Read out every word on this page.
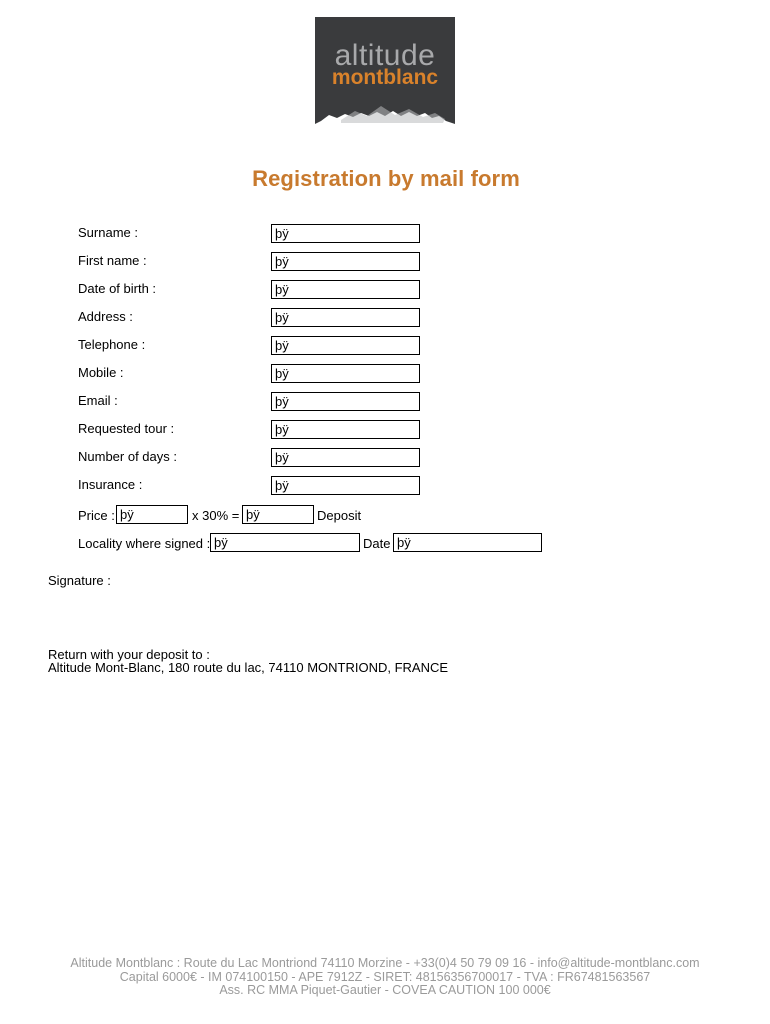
altitude
montblanc
Registration by mail form
Surname :
þÿ
First name :
þÿ
Date of birth :
þÿ
Address :
þÿ
Telephone :
þÿ
Mobile :
þÿ
Email :
þÿ
Requested tour :
þÿ
Number of days :
þÿ
Insurance :
þÿ
Price :
þÿ	x 30% =
þÿ	Deposit
Locality where signed :
þÿ	Date
þÿ
Signature :
Return with your deposit to :
Altitude Mont-Blanc, 180 route du lac, 74110 MONTRIOND, FRANCE
Altitude Montblanc : Route du Lac Montriond 74110 Morzine - +33(0)4 50 79 09 16 - info@altitude-montblanc.com
Capital 6000€ - IM 074100150 - APE 7912Z - SIRET: 48156356700017 - TVA : FR67481563567
Ass. RC MMA Piquet-Gautier - COVEA CAUTION 100 000€
